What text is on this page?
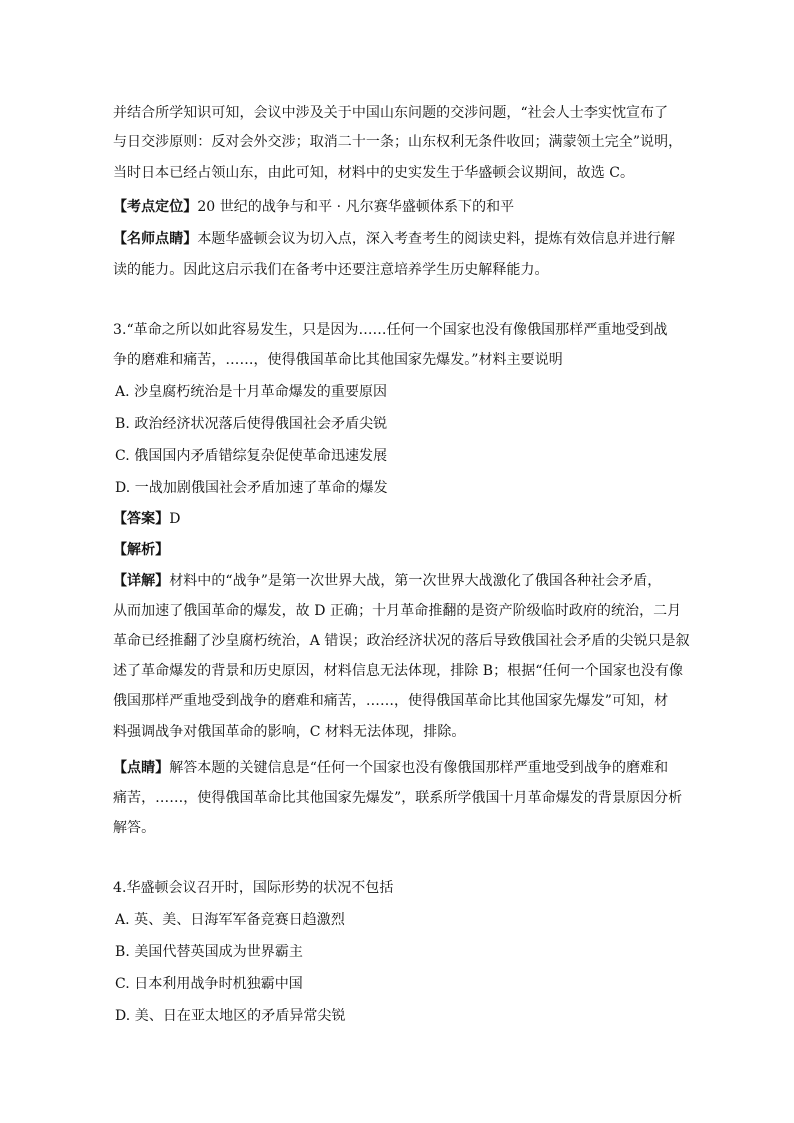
并结合所学知识可知，会议中涉及关于中国山东问题的交涉问题，“社会人士李实忱宣布了
与日交涉原则：反对会外交涉；取消二十一条；山东权利无条件收回；满蒙领土完全”说明，
当时日本已经占领山东，由此可知，材料中的史实发生于华盛顿会议期间，故选 C。
【考点定位】20 世纪的战争与和平 · 凡尔赛华盛顿体系下的和平
【名师点睛】本题华盛顿会议为切入点，深入考查考生的阅读史料，提炼有效信息并进行解
读的能力。因此这启示我们在备考中还要注意培养学生历史解释能力。
3.“革命之所以如此容易发生，只是因为……任何一个国家也没有像俄国那样严重地受到战
争的磨难和痛苦，……，使得俄国革命比其他国家先爆发。”材料主要说明
A. 沙皇腐朽统治是十月革命爆发的重要原因
B. 政治经济状况落后使得俄国社会矛盾尖锐
C. 俄国国内矛盾错综复杂促使革命迅速发展
D. 一战加剧俄国社会矛盾加速了革命的爆发
【答案】D
【解析】
【详解】材料中的“战争”是第一次世界大战，第一次世界大战激化了俄国各种社会矛盾，
从而加速了俄国革命的爆发，故 D 正确；十月革命推翻的是资产阶级临时政府的统治，二月
革命已经推翻了沙皇腐朽统治，A 错误；政治经济状况的落后导致俄国社会矛盾的尖锐只是叙
述了革命爆发的背景和历史原因，材料信息无法体现，排除 B；根据“任何一个国家也没有像
俄国那样严重地受到战争的磨难和痛苦，……，使得俄国革命比其他国家先爆发”可知，材
料强调战争对俄国革命的影响，C 材料无法体现，排除。
【点睛】解答本题的关键信息是“任何一个国家也没有像俄国那样严重地受到战争的磨难和
痛苦，……，使得俄国革命比其他国家先爆发”，联系所学俄国十月革命爆发的背景原因分析
解答。
4.华盛顿会议召开时，国际形势的状况不包括
A. 英、美、日海军军备竞赛日趋激烈
B. 美国代替英国成为世界霸主
C. 日本利用战争时机独霸中国
D. 美、日在亚太地区的矛盾异常尖锐
